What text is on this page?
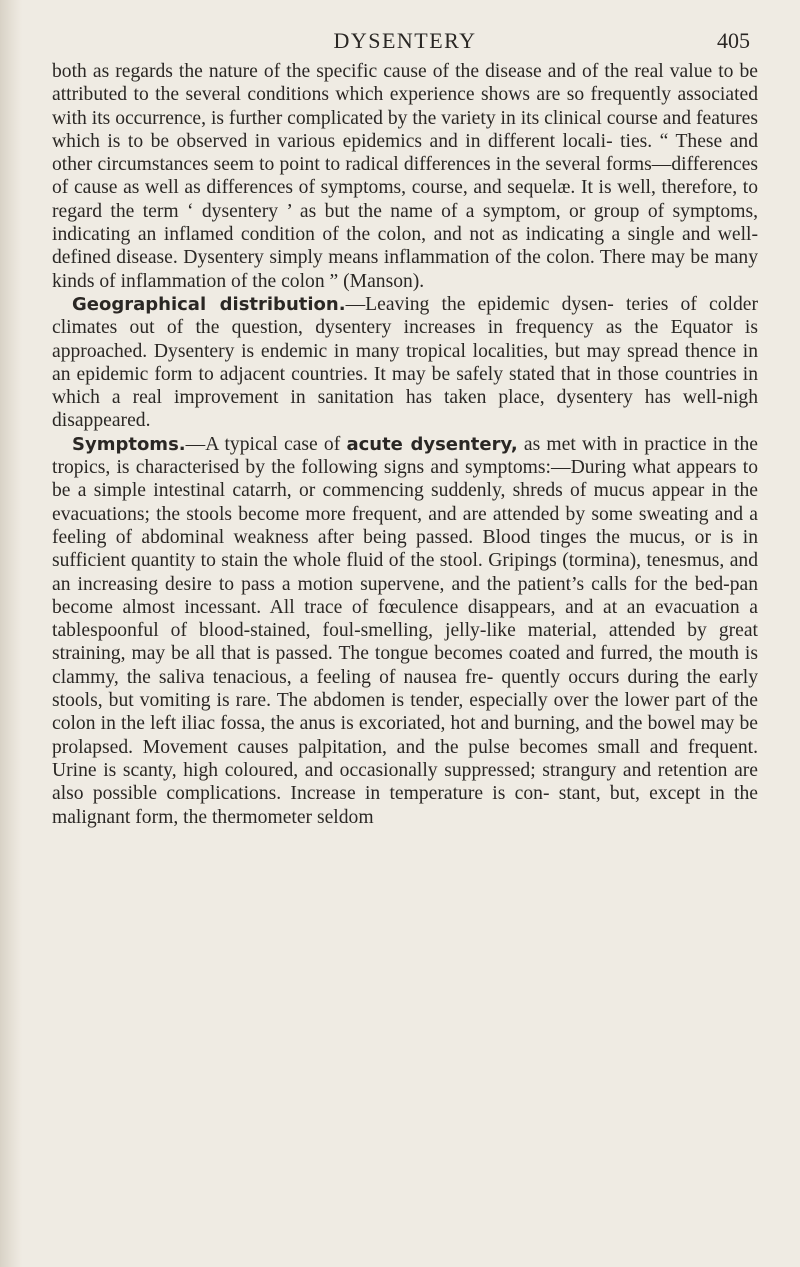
DYSENTERY	405

both as regards the nature of the specific cause of the disease and of the real value to be attributed to the several conditions which experience shows are so frequently associated with its occurrence, is further complicated by the variety in its clinical course and features which is to be observed in various epidemics and in different locali- ties. “ These and other circumstances seem to point to radical differences in the several forms—differences of cause as well as differences of symptoms, course, and sequelæ. It is well, therefore, to regard the term ‘ dysentery ’ as but the name of a symptom, or group of symptoms, indicating an inflamed condition of the colon, and not as indicating a single and well-defined disease. Dysentery simply means inflammation of the colon. There may be many kinds of inflammation of the colon ” (Manson).

Geographical distribution.—Leaving the epidemic dysen- teries of colder climates out of the question, dysentery increases in frequency as the Equator is approached. Dysentery is endemic in many tropical localities, but may spread thence in an epidemic form to adjacent countries. It may be safely stated that in those countries in which a real improvement in sanitation has taken place, dysentery has well-nigh disappeared.

Symptoms.—A typical case of acute dysentery, as met with in practice in the tropics, is characterised by the following signs and symptoms:—During what appears to be a simple intestinal catarrh, or commencing suddenly, shreds of mucus appear in the evacuations; the stools become more frequent, and are attended by some sweating and a feeling of abdominal weakness after being passed. Blood tinges the mucus, or is in sufficient quantity to stain the whole fluid of the stool. Gripings (tormina), tenesmus, and an increasing desire to pass a motion supervene, and the patient’s calls for the bed-pan become almost incessant. All trace of fœculence disappears, and at an evacuation a tablespoonful of blood-stained, foul-smelling, jelly-like material, attended by great straining, may be all that is passed. The tongue becomes coated and furred, the mouth is clammy, the saliva tenacious, a feeling of nausea fre- quently occurs during the early stools, but vomiting is rare. The abdomen is tender, especially over the lower part of the colon in the left iliac fossa, the anus is excoriated, hot and burning, and the bowel may be prolapsed. Movement causes palpitation, and the pulse becomes small and frequent. Urine is scanty, high coloured, and occasionally suppressed; strangury and retention are also possible complications. Increase in temperature is con- stant, but, except in the malignant form, the thermometer seldom
